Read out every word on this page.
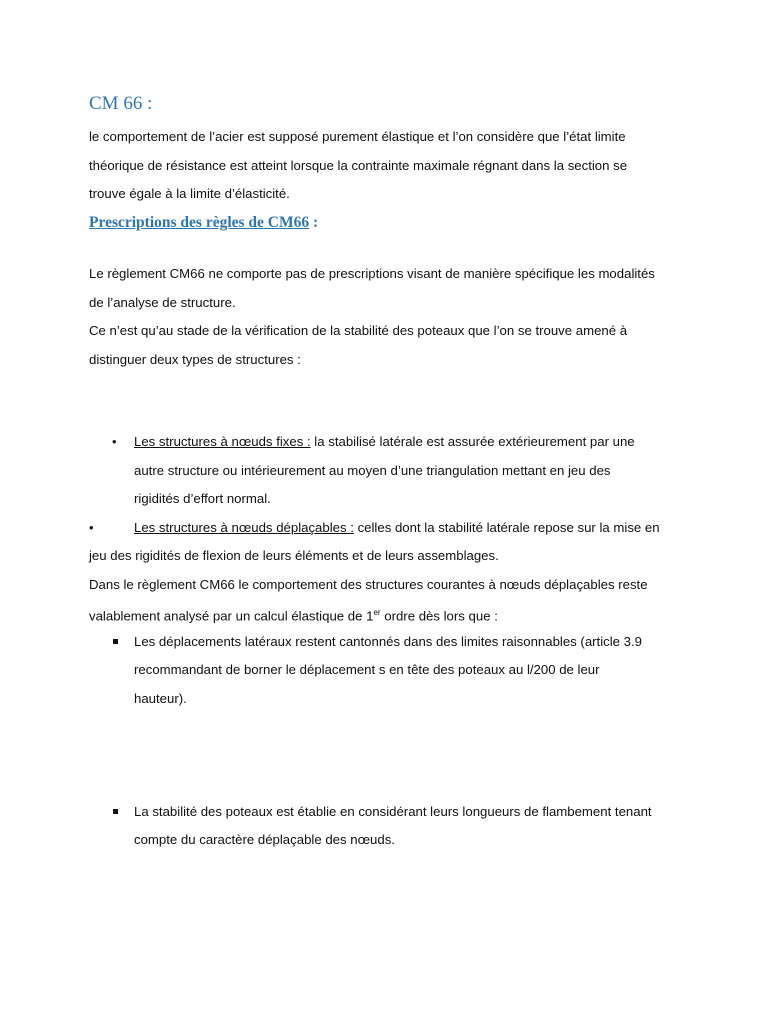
CM 66 :

le comportement de l’acier est supposé purement élastique et l’on considère que l’état limite

théorique de résistance est atteint lorsque la contrainte maximale régnant dans la section se

trouve égale à la limite d’élasticité.

Prescriptions des règles de CM66 :

Le règlement CM66 ne comporte pas de prescriptions visant de manière spécifique les modalités

de l’analyse de structure.

Ce n’est qu’au stade de la vérification de la stabilité des poteaux que l’on se trouve amené à

distinguer deux types de structures :

• Les structures à nœuds fixes : la stabilisé latérale est assurée extérieurement par une

autre structure ou intérieurement au moyen d’une triangulation mettant en jeu des

rigidités d’effort normal.

•	Les structures à nœuds déplaçables : celles dont la stabilité latérale repose sur la mise en

jeu des rigidités de flexion de leurs éléments et de leurs assemblages.

Dans le règlement CM66 le comportement des structures courantes à nœuds déplaçables reste

valablement analysé par un calcul élastique de 1er ordre dès lors que :

Les déplacements latéraux restent cantonnés dans des limites raisonnables (article 3.9

recommandant de borner le déplacement s en tête des poteaux au l/200 de leur

hauteur).

La stabilité des poteaux est établie en considérant leurs longueurs de flambement tenant

compte du caractère déplaçable des nœuds.
